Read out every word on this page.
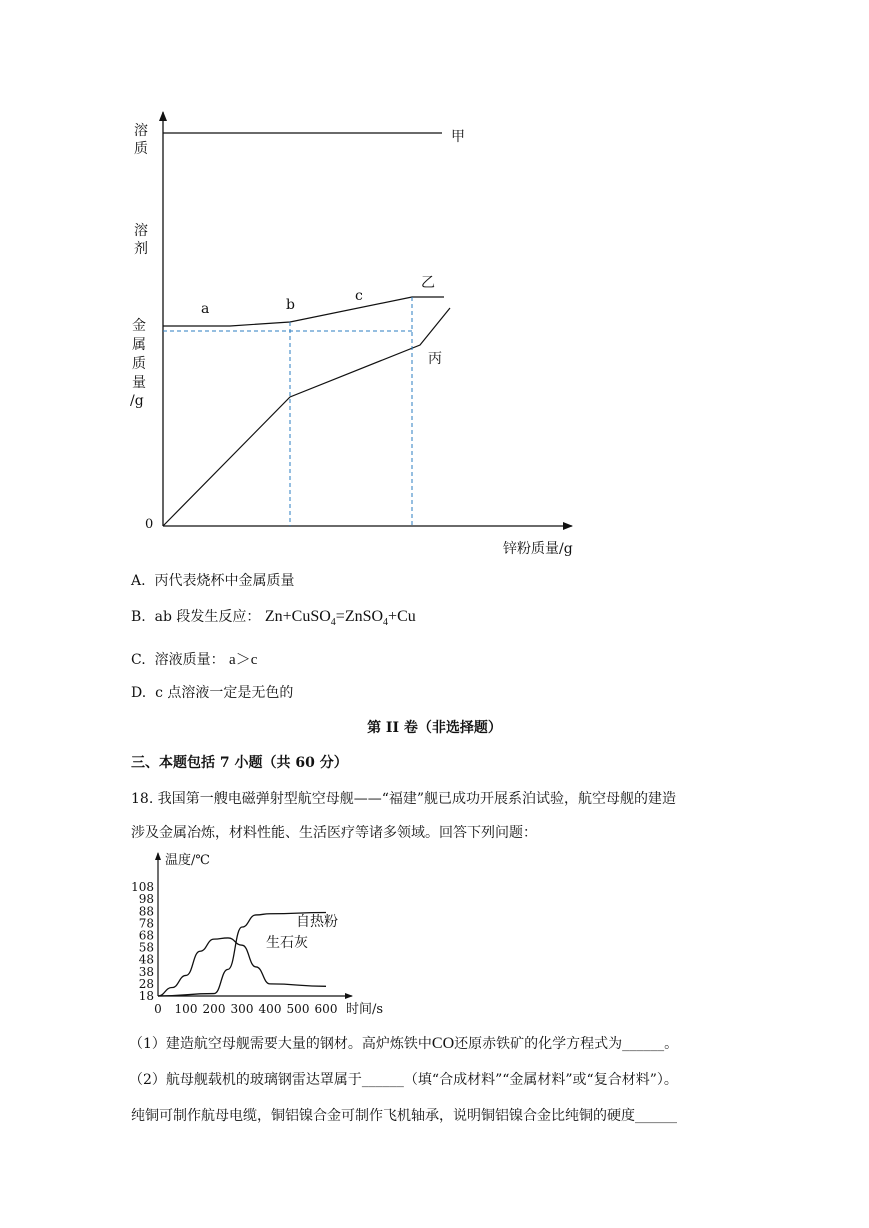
溶
质
溶
剂
金
属
质
量
/g
0
锌粉质量/g
甲
乙
丙
a	b
c
A. 丙代表烧杯中金属质量
B. ab 段发生反应： Zn+CuSO$_4$=ZnSO$_4$+Cu
C. 溶液质量： a＞c
D. c 点溶液一定是无色的
第 II 卷（非选择题）
三、本题包括 7 小题（共 60 分）
18. 我国第一艘电磁弹射型航空母舰——“福建”舰已成功开展系泊试验，航空母舰的建造
涉及金属冶炼，材料性能、生活医疗等诸多领域。回答下列问题：
温度/℃
时间/s
108
98
88
78
68
58
48
38
28
18
0 100 200 300 400 500 600
自热粉
生石灰
（1）建造航空母舰需要大量的钢材。高炉炼铁中CO还原赤铁矿的化学方程式为______。
（2）航母舰载机的玻璃钢雷达罩属于______（填“合成材料”“金属材料”或“复合材料”）。
纯铜可制作航母电缆，铜铝镍合金可制作飞机轴承，说明铜铝镍合金比纯铜的硬度______
